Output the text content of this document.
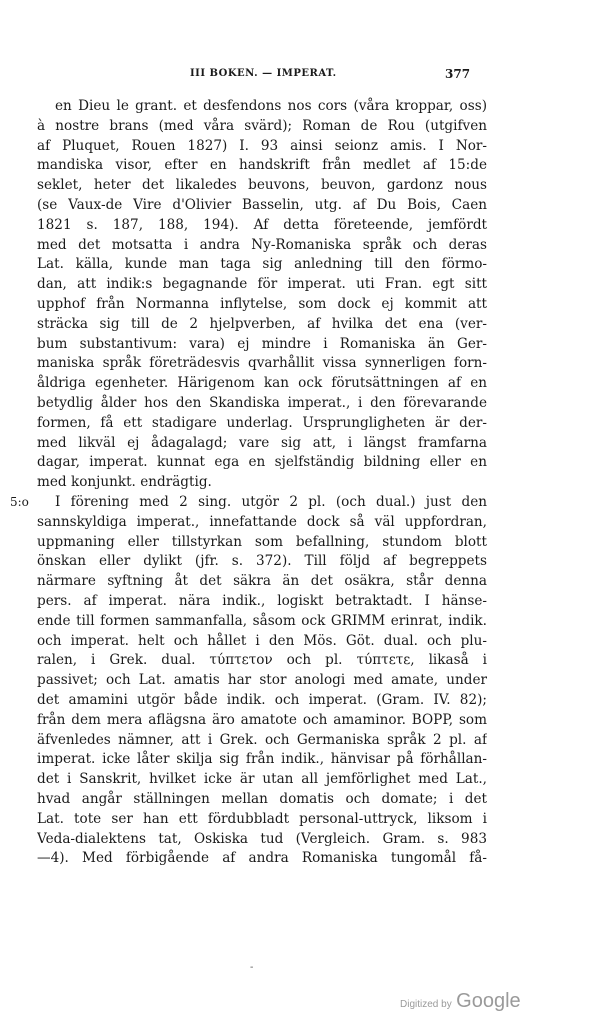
III BOKEN. — IMPERAT.	377
en Dieu le grant. et desfendons nos cors (våra kroppar, oss)
à nostre brans (med våra svärd); Roman de Rou (utgifven
af Pluquet, Rouen 1827) I. 93 ainsi seionz amis. I Nor-
mandiska visor, efter en handskrift från medlet af 15:de
seklet, heter det likaledes beuvons, beuvon, gardonz nous
(se Vaux-de Vire d'Olivier Basselin, utg. af Du Bois, Caen
1821 s. 187, 188, 194). Af detta företeende, jemfördt
med det motsatta i andra Ny-Romaniska språk och deras
Lat. källa, kunde man taga sig anledning till den förmo-
dan, att indik:s begagnande för imperat. uti Fran. egt sitt
upphof från Normanna inflytelse, som dock ej kommit att
sträcka sig till de 2 hjelpverben, af hvilka det ena (ver-
bum substantivum: vara) ej mindre i Romaniska än Ger-
maniska språk företrädesvis qvarhållit vissa synnerligen forn-
åldriga egenheter. Härigenom kan ock förutsättningen af en
betydlig ålder hos den Skandiska imperat., i den förevarande
formen, få ett stadigare underlag. Ursprungligheten är der-
med likväl ej ådagalagd; vare sig att, i längst framfarna
dagar, imperat. kunnat ega en sjelfständig bildning eller en
med konjunkt. endrägtig.
I förening med 2 sing. utgör 2 pl. (och dual.) just den
sannskyldiga imperat., innefattande dock så väl uppfordran,
uppmaning eller tillstyrkan som befallning, stundom blott
önskan eller dylikt (jfr. s. 372). Till följd af begreppets
närmare syftning åt det säkra än det osäkra, står denna
pers. af imperat. nära indik., logiskt betraktadt. I hänse-
ende till formen sammanfalla, såsom ock GRIMM erinrat, indik.
och imperat. helt och hållet i den Mös. Göt. dual. och plu-
ralen, i Grek. dual. τύπτετον och pl. τύπτετε, likaså i
passivet; och Lat. amatis har stor anologi med amate, under
det amamini utgör både indik. och imperat. (Gram. IV. 82);
från dem mera aflägsna äro amatote och amaminor. BOPP, som
äfvenledes nämner, att i Grek. och Germaniska språk 2 pl. af
imperat. icke låter skilja sig från indik., hänvisar på förhållan-
det i Sanskrit, hvilket icke är utan all jemförlighet med Lat.,
hvad angår ställningen mellan domatis och domate; i det
Lat. tote ser han ett fördubbladt personal-uttryck, liksom i
Veda-dialektens tat, Oskiska tud (Vergleich. Gram. s. 983
—4). Med förbigående af andra Romaniska tungomål få-
5:o
-
Digitized by Google
